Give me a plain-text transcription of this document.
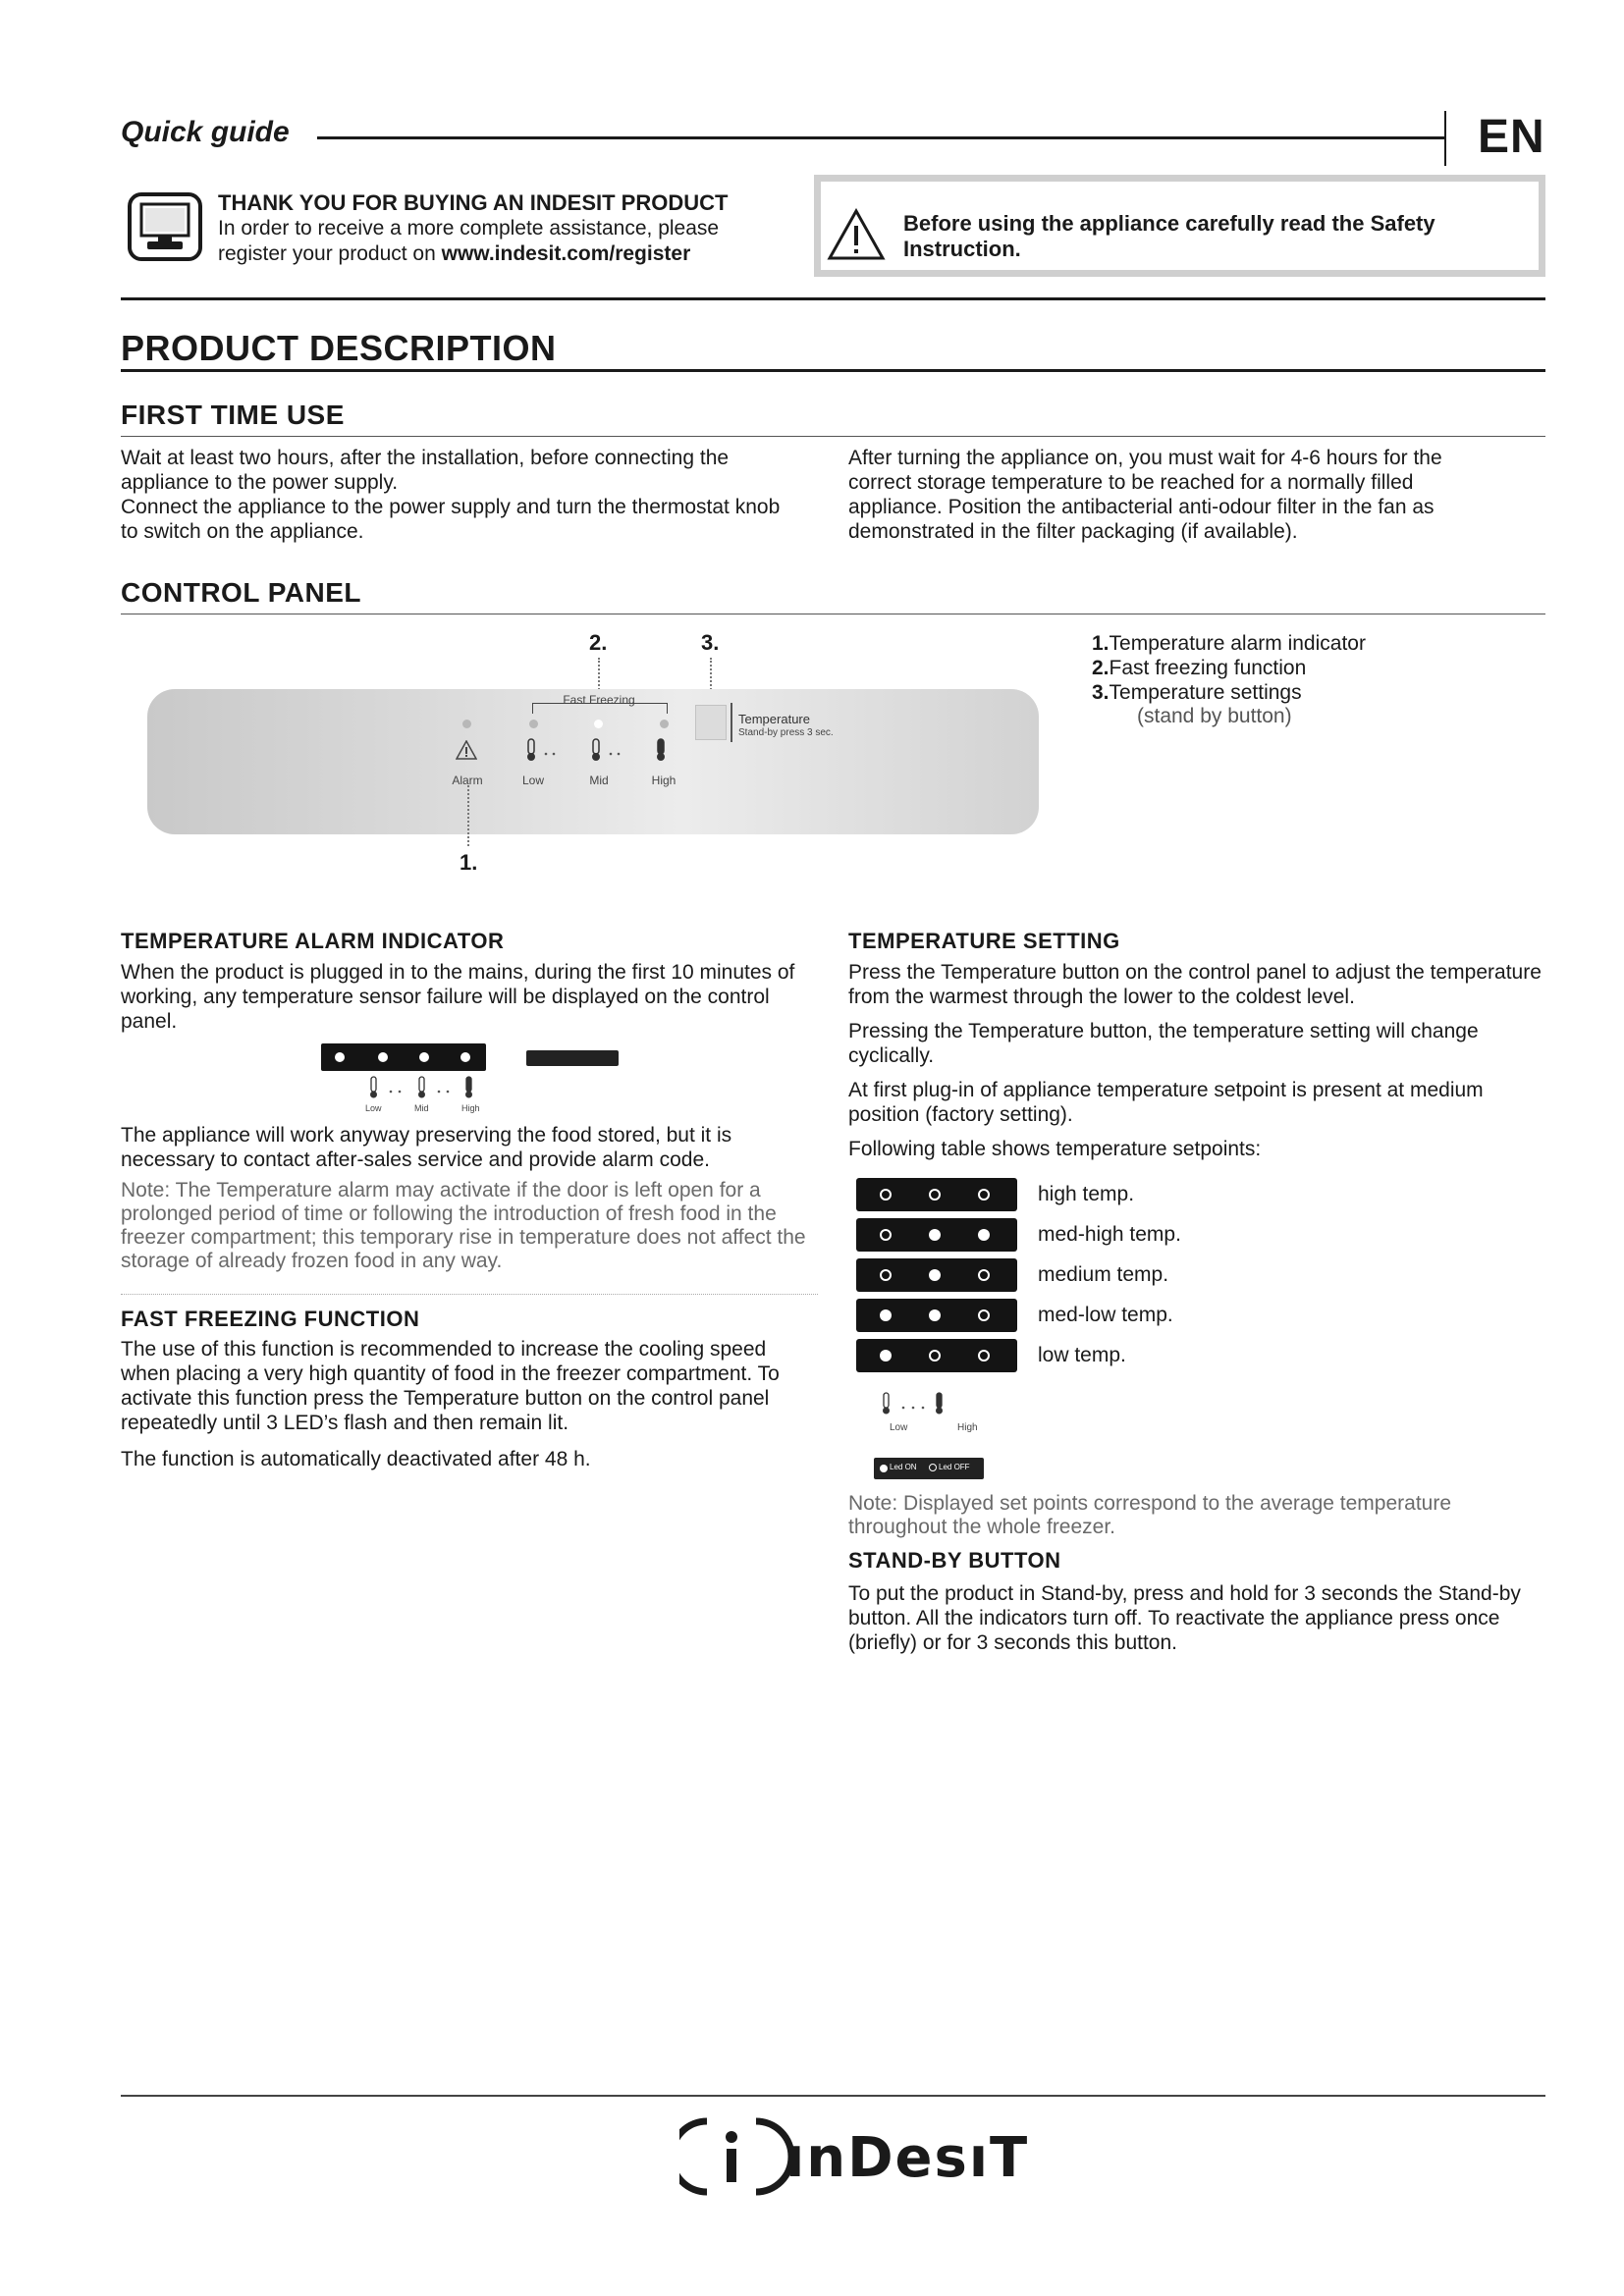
Quick guide	EN
THANK YOU FOR BUYING AN INDESIT PRODUCT
In order to receive a more complete assistance, please
register your product on www.indesit.com/register
Before using the appliance carefully read the Safety Instruction.
PRODUCT DESCRIPTION
FIRST TIME USE
Wait at least two hours, after the installation, before connecting the appliance to the power supply.
Connect the appliance to the power supply and turn the thermostat knob to switch on the appliance.
After turning the appliance on, you must wait for 4-6 hours for the correct storage temperature to be reached for a normally filled appliance. Position the antibacterial anti-odour filter in the fan as demonstrated in the filter packaging (if available).
CONTROL PANEL
2.	3.
Fast Freezing
Alarm	Low	Mid	High
Temperature
Stand-by press 3 sec.
1.
1.Temperature alarm indicator
2.Fast freezing function
3.Temperature settings
(stand by button)
TEMPERATURE ALARM INDICATOR
When the product is plugged in to the mains, during the first 10 minutes of working, any temperature sensor failure will be displayed on the control panel.
Low	Mid	High
The appliance will work anyway preserving the food stored, but it is necessary to contact after-sales service and provide alarm code.
Note: The Temperature alarm may activate if the door is left open for a prolonged period of time or following the introduction of fresh food in the freezer compartment; this temporary rise in temperature does not affect the storage of already frozen food in any way.
FAST FREEZING FUNCTION
The use of this function is recommended to increase the cooling speed when placing a very high quantity of food in the freezer compartment. To activate this function press the Temperature button on the control panel repeatedly until 3 LED’s flash and then remain lit.
The function is automatically deactivated after 48 h.
TEMPERATURE SETTING
Press the Temperature button on the control panel to adjust the temperature from the warmest through the lower to the coldest level.
Pressing the Temperature button, the temperature setting will change cyclically.
At first plug-in of appliance temperature setpoint is present at medium position (factory setting).
Following table shows temperature setpoints:
high temp.
med-high temp.
medium temp.
med-low temp.
low temp.
Low	High
Led ON	Led OFF
Note: Displayed set points correspond to the average temperature throughout the whole freezer.
STAND-BY BUTTON
To put the product in Stand-by, press and hold for 3 seconds the Stand-by button. All the indicators turn off. To reactivate the appliance press once (briefly) or for 3 seconds this button.
ınDesıT
